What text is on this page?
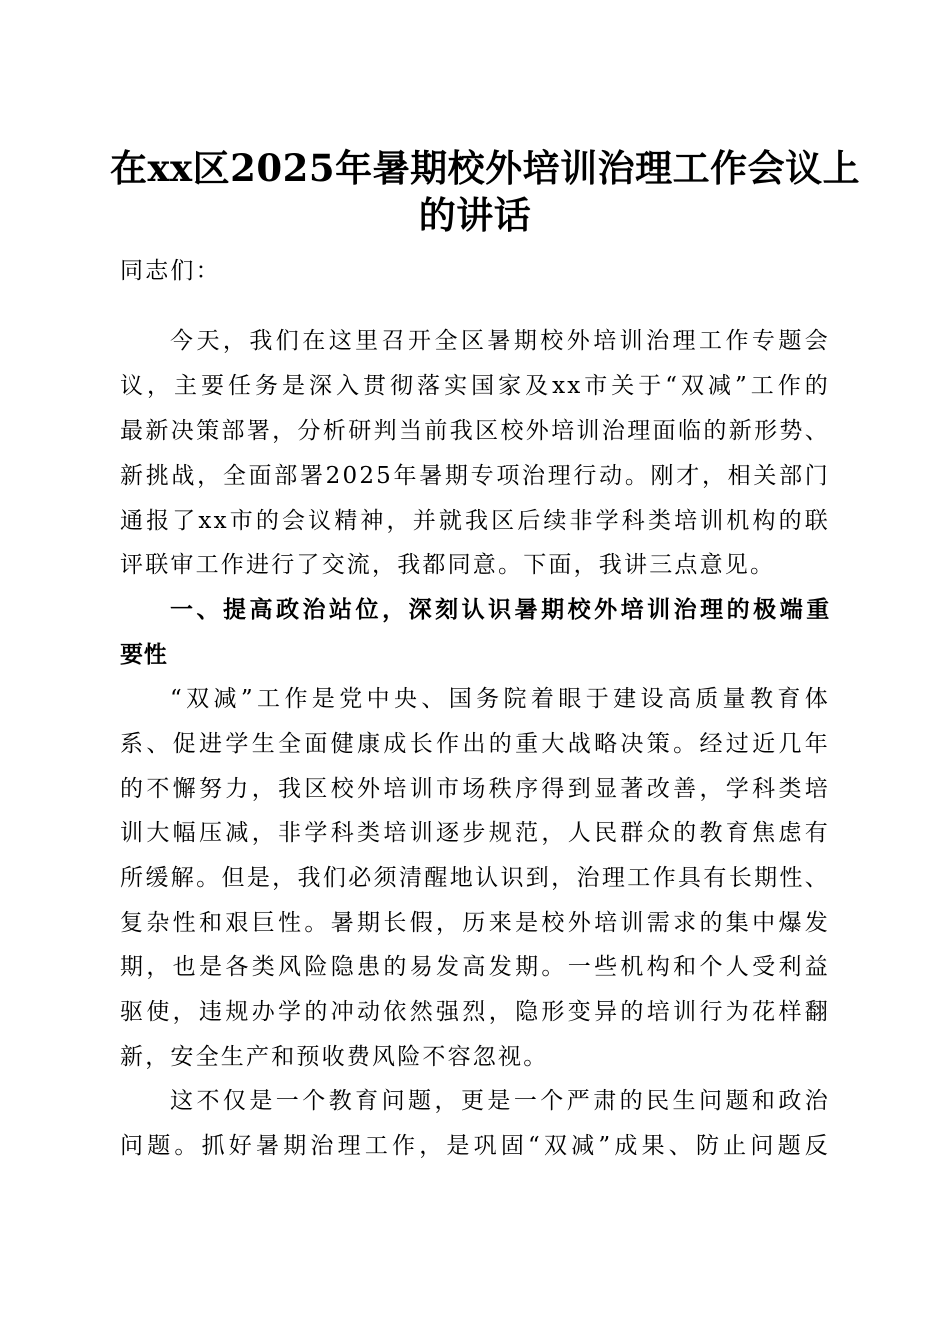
在xx区2025年暑期校外培训治理工作会议上
的讲话
同志们：
今天，我们在这里召开全区暑期校外培训治理工作专题会
议，主要任务是深入贯彻落实国家及xx市关于“双减”工作的
最新决策部署，分析研判当前我区校外培训治理面临的新形势、
新挑战，全面部署2025年暑期专项治理行动。刚才，相关部门
通报了xx市的会议精神，并就我区后续非学科类培训机构的联
评联审工作进行了交流，我都同意。下面，我讲三点意见。
一、提高政治站位，深刻认识暑期校外培训治理的极端重
要性
“双减”工作是党中央、国务院着眼于建设高质量教育体
系、促进学生全面健康成长作出的重大战略决策。经过近几年
的不懈努力，我区校外培训市场秩序得到显著改善，学科类培
训大幅压减，非学科类培训逐步规范，人民群众的教育焦虑有
所缓解。但是，我们必须清醒地认识到，治理工作具有长期性、
复杂性和艰巨性。暑期长假，历来是校外培训需求的集中爆发
期，也是各类风险隐患的易发高发期。一些机构和个人受利益
驱使，违规办学的冲动依然强烈，隐形变异的培训行为花样翻
新，安全生产和预收费风险不容忽视。
这不仅是一个教育问题，更是一个严肃的民生问题和政治
问题。抓好暑期治理工作，是巩固“双减”成果、防止问题反
